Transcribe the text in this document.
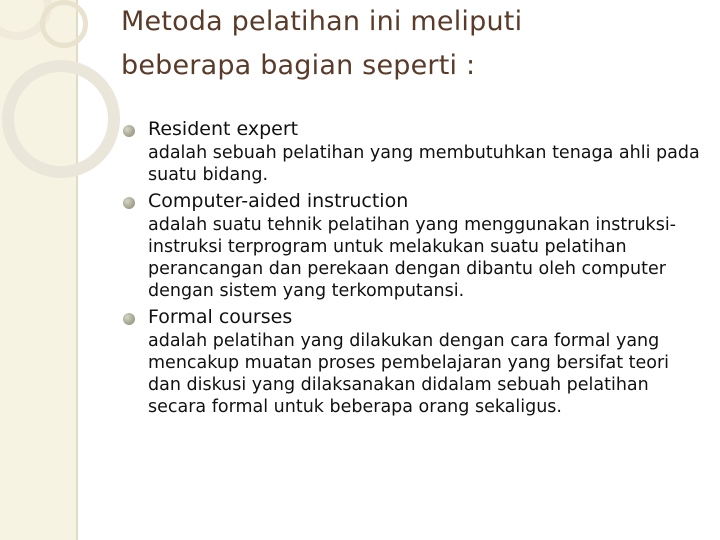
Metoda pelatihan ini meliputi
beberapa bagian seperti :
Resident expert
adalah sebuah pelatihan yang membutuhkan tenaga ahli pada suatu bidang.
Computer-aided instruction
adalah suatu tehnik pelatihan yang menggunakan instruksi-instruksi terprogram untuk melakukan suatu pelatihan perancangan dan perekaan dengan dibantu oleh computer dengan sistem yang terkomputansi.
Formal courses
adalah pelatihan yang dilakukan dengan cara formal yang mencakup muatan proses pembelajaran yang bersifat teori dan diskusi yang dilaksanakan didalam sebuah pelatihan secara formal untuk beberapa orang sekaligus.
